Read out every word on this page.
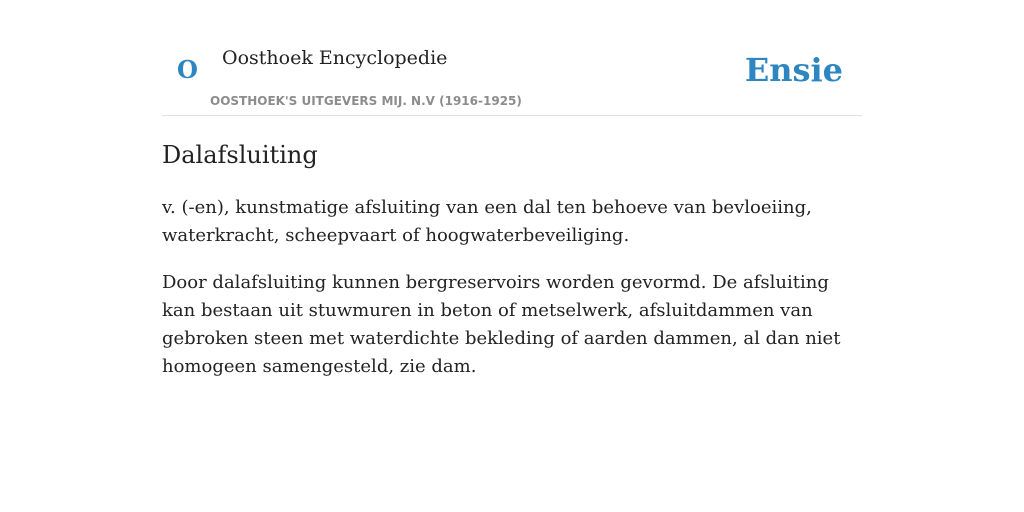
O Oosthoek Encyclopedie
OOSTHOEK'S UITGEVERS MIJ. N.V (1916-1925)
Ensie
Dalafsluiting

v. (-en), kunstmatige afsluiting van een dal ten behoeve van bevloeiing, waterkracht, scheepvaart of hoogwaterbeveiliging.

Door dalafsluiting kunnen bergreservoirs worden gevormd. De afsluiting kan bestaan uit stuwmuren in beton of metselwerk, afsluitdammen van gebroken steen met waterdichte bekleding of aarden dammen, al dan niet homogeen samengesteld, zie dam.
